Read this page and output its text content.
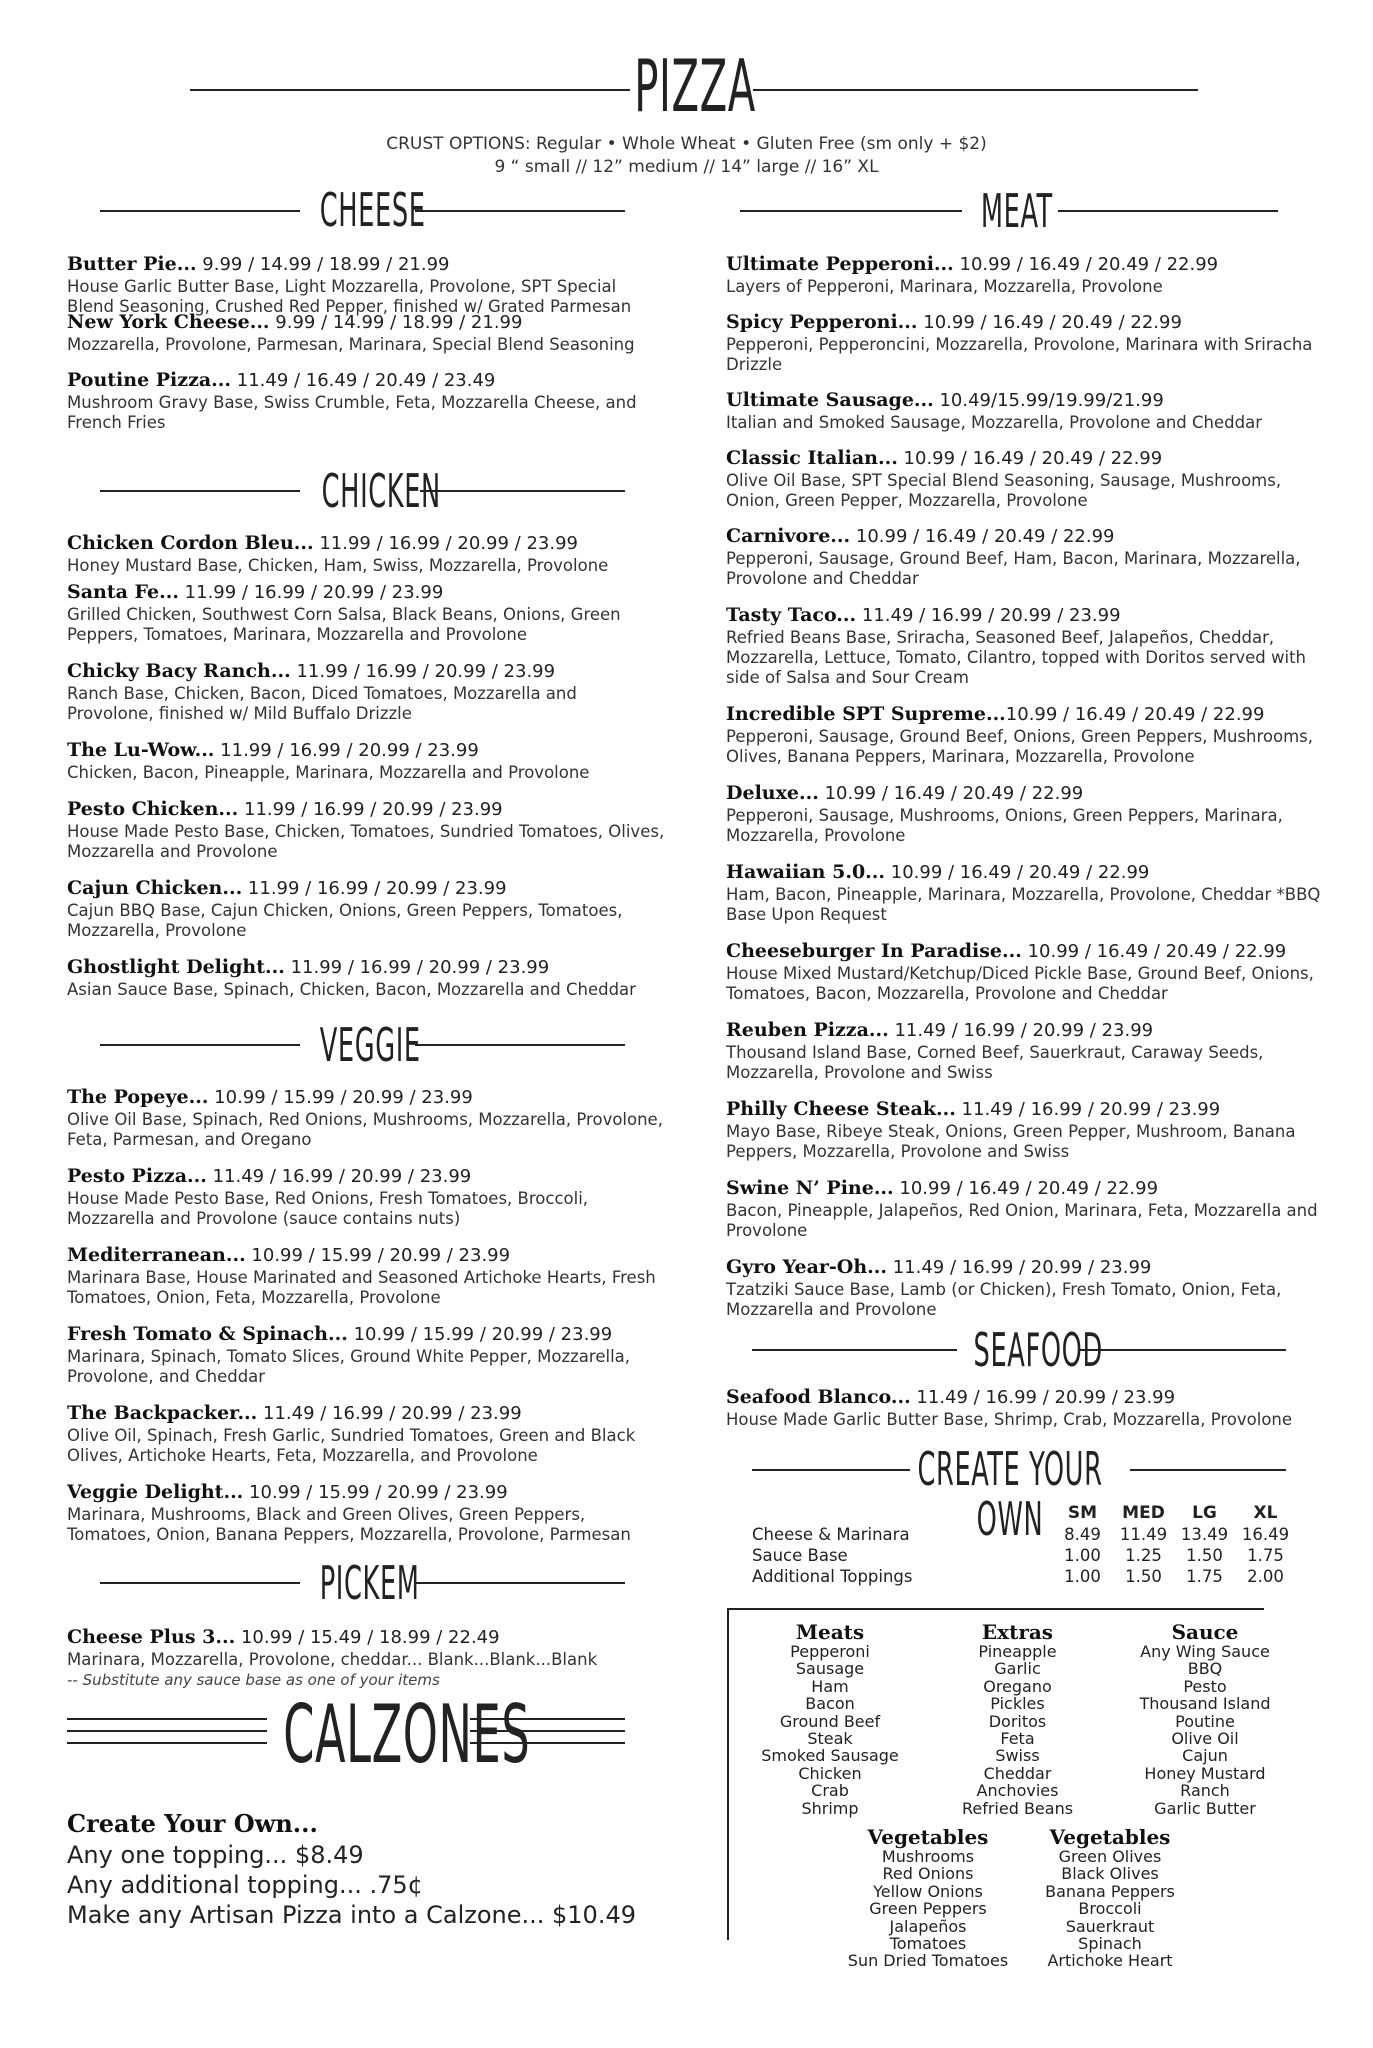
PIZZA
CRUST OPTIONS: Regular • Whole Wheat • Gluten Free (sm only + $2)
9 “ small // 12” medium // 14” large // 16” XL
CHEESE
CHICKEN
VEGGIE
PICKEM
Butter Pie... 9.99 / 14.99 / 18.99 / 21.99
House Garlic Butter Base, Light Mozzarella, Provolone, SPT Special Blend Seasoning, Crushed Red Pepper, finished w/ Grated Parmesan
New York Cheese... 9.99 / 14.99 / 18.99 / 21.99
Mozzarella, Provolone, Parmesan, Marinara, Special Blend Seasoning
Poutine Pizza... 11.49 / 16.49 / 20.49 / 23.49
Mushroom Gravy Base, Swiss Crumble, Feta, Mozzarella Cheese, and French Fries
Chicken Cordon Bleu... 11.99 / 16.99 / 20.99 / 23.99
Honey Mustard Base, Chicken, Ham, Swiss, Mozzarella, Provolone
Santa Fe... 11.99 / 16.99 / 20.99 / 23.99
Grilled Chicken, Southwest Corn Salsa, Black Beans, Onions, Green Peppers, Tomatoes, Marinara, Mozzarella and Provolone
Chicky Bacy Ranch... 11.99 / 16.99 / 20.99 / 23.99
Ranch Base, Chicken, Bacon, Diced Tomatoes, Mozzarella and Provolone, finished w/ Mild Buffalo Drizzle
The Lu-Wow... 11.99 / 16.99 / 20.99 / 23.99
Chicken, Bacon, Pineapple, Marinara, Mozzarella and Provolone
Pesto Chicken... 11.99 / 16.99 / 20.99 / 23.99
House Made Pesto Base, Chicken, Tomatoes, Sundried Tomatoes, Olives, Mozzarella and Provolone
Cajun Chicken... 11.99 / 16.99 / 20.99 / 23.99
Cajun BBQ Base, Cajun Chicken, Onions, Green Peppers, Tomatoes, Mozzarella, Provolone
Ghostlight Delight... 11.99 / 16.99 / 20.99 / 23.99
Asian Sauce Base, Spinach, Chicken, Bacon, Mozzarella and Cheddar
The Popeye... 10.99 / 15.99 / 20.99 / 23.99
Olive Oil Base, Spinach, Red Onions, Mushrooms, Mozzarella, Provolone, Feta, Parmesan, and Oregano
Pesto Pizza... 11.49 / 16.99 / 20.99 / 23.99
House Made Pesto Base, Red Onions, Fresh Tomatoes, Broccoli, Mozzarella and Provolone (sauce contains nuts)
Mediterranean... 10.99 / 15.99 / 20.99 / 23.99
Marinara Base, House Marinated and Seasoned Artichoke Hearts, Fresh Tomatoes, Onion, Feta, Mozzarella, Provolone
Fresh Tomato & Spinach... 10.99 / 15.99 / 20.99 / 23.99
Marinara, Spinach, Tomato Slices, Ground White Pepper, Mozzarella, Provolone, and Cheddar
The Backpacker... 11.49 / 16.99 / 20.99 / 23.99
Olive Oil, Spinach, Fresh Garlic, Sundried Tomatoes, Green and Black Olives, Artichoke Hearts, Feta, Mozzarella, and Provolone
Veggie Delight... 10.99 / 15.99 / 20.99 / 23.99
Marinara, Mushrooms, Black and Green Olives, Green Peppers, Tomatoes, Onion, Banana Peppers, Mozzarella, Provolone, Parmesan
Cheese Plus 3... 10.99 / 15.49 / 18.99 / 22.49
Marinara, Mozzarella, Provolone, cheddar... Blank...Blank...Blank
-- Substitute any sauce base as one of your items
CALZONES
Create Your Own...
Any one topping... $8.49
Any additional topping... .75¢
Make any Artisan Pizza into a Calzone... $10.49
MEAT
Ultimate Pepperoni... 10.99 / 16.49 / 20.49 / 22.99
Layers of Pepperoni, Marinara, Mozzarella, Provolone
Spicy Pepperoni... 10.99 / 16.49 / 20.49 / 22.99
Pepperoni, Pepperoncini, Mozzarella, Provolone, Marinara with Sriracha Drizzle
Ultimate Sausage... 10.49/15.99/19.99/21.99
Italian and Smoked Sausage, Mozzarella, Provolone and Cheddar
Classic Italian... 10.99 / 16.49 / 20.49 / 22.99
Olive Oil Base, SPT Special Blend Seasoning, Sausage, Mushrooms, Onion, Green Pepper, Mozzarella, Provolone
Carnivore... 10.99 / 16.49 / 20.49 / 22.99
Pepperoni, Sausage, Ground Beef, Ham, Bacon, Marinara, Mozzarella, Provolone and Cheddar
Tasty Taco... 11.49 / 16.99 / 20.99 / 23.99
Refried Beans Base, Sriracha, Seasoned Beef, Jalapeños, Cheddar, Mozzarella, Lettuce, Tomato, Cilantro, topped with Doritos served with side of Salsa and Sour Cream
Incredible SPT Supreme...10.99 / 16.49 / 20.49 / 22.99
Pepperoni, Sausage, Ground Beef, Onions, Green Peppers, Mushrooms, Olives, Banana Peppers, Marinara, Mozzarella, Provolone
Deluxe... 10.99 / 16.49 / 20.49 / 22.99
Pepperoni, Sausage, Mushrooms, Onions, Green Peppers, Marinara, Mozzarella, Provolone
Hawaiian 5.0... 10.99 / 16.49 / 20.49 / 22.99
Ham, Bacon, Pineapple, Marinara, Mozzarella, Provolone, Cheddar *BBQ Base Upon Request
Cheeseburger In Paradise... 10.99 / 16.49 / 20.49 / 22.99
House Mixed Mustard/Ketchup/Diced Pickle Base, Ground Beef, Onions, Tomatoes, Bacon, Mozzarella, Provolone and Cheddar
Reuben Pizza... 11.49 / 16.99 / 20.99 / 23.99
Thousand Island Base, Corned Beef, Sauerkraut, Caraway Seeds, Mozzarella, Provolone and Swiss
Philly Cheese Steak... 11.49 / 16.99 / 20.99 / 23.99
Mayo Base, Ribeye Steak, Onions, Green Pepper, Mushroom, Banana Peppers, Mozzarella, Provolone and Swiss
Swine N’ Pine... 10.99 / 16.49 / 20.49 / 22.99
Bacon, Pineapple, Jalapeños, Red Onion, Marinara, Feta, Mozzarella and Provolone
Gyro Year-Oh... 11.49 / 16.99 / 20.99 / 23.99
Tzatziki Sauce Base, Lamb (or Chicken), Fresh Tomato, Onion, Feta, Mozzarella and Provolone
SEAFOOD
Seafood Blanco... 11.49 / 16.99 / 20.99 / 23.99
House Made Garlic Butter Base, Shrimp, Crab, Mozzarella, Provolone
CREATE YOUR OWN	SM	MED	LG	XL
Cheese & Marinara	8.49	11.49 13.49 16.49
Sauce Base	1.00	1.25	1.50	1.75
Additional Toppings	1.00	1.50	1.75	2.00
Meats
Pepperoni
Sausage
Ham
Bacon
Ground Beef
Steak
Smoked Sausage
Chicken
Crab
Shrimp
Extras
Pineapple
Garlic
Oregano
Pickles
Doritos
Feta
Swiss
Cheddar
Anchovies
Refried Beans
Sauce
Any Wing Sauce
BBQ
Pesto
Thousand Island
Poutine
Olive Oil
Cajun
Honey Mustard
Ranch
Garlic Butter
Vegetables
Mushrooms
Red Onions
Yellow Onions
Green Peppers
Jalapeños
Tomatoes
Sun Dried Tomatoes
Vegetables
Green Olives
Black Olives
Banana Peppers
Broccoli
Sauerkraut
Spinach
Artichoke Heart
